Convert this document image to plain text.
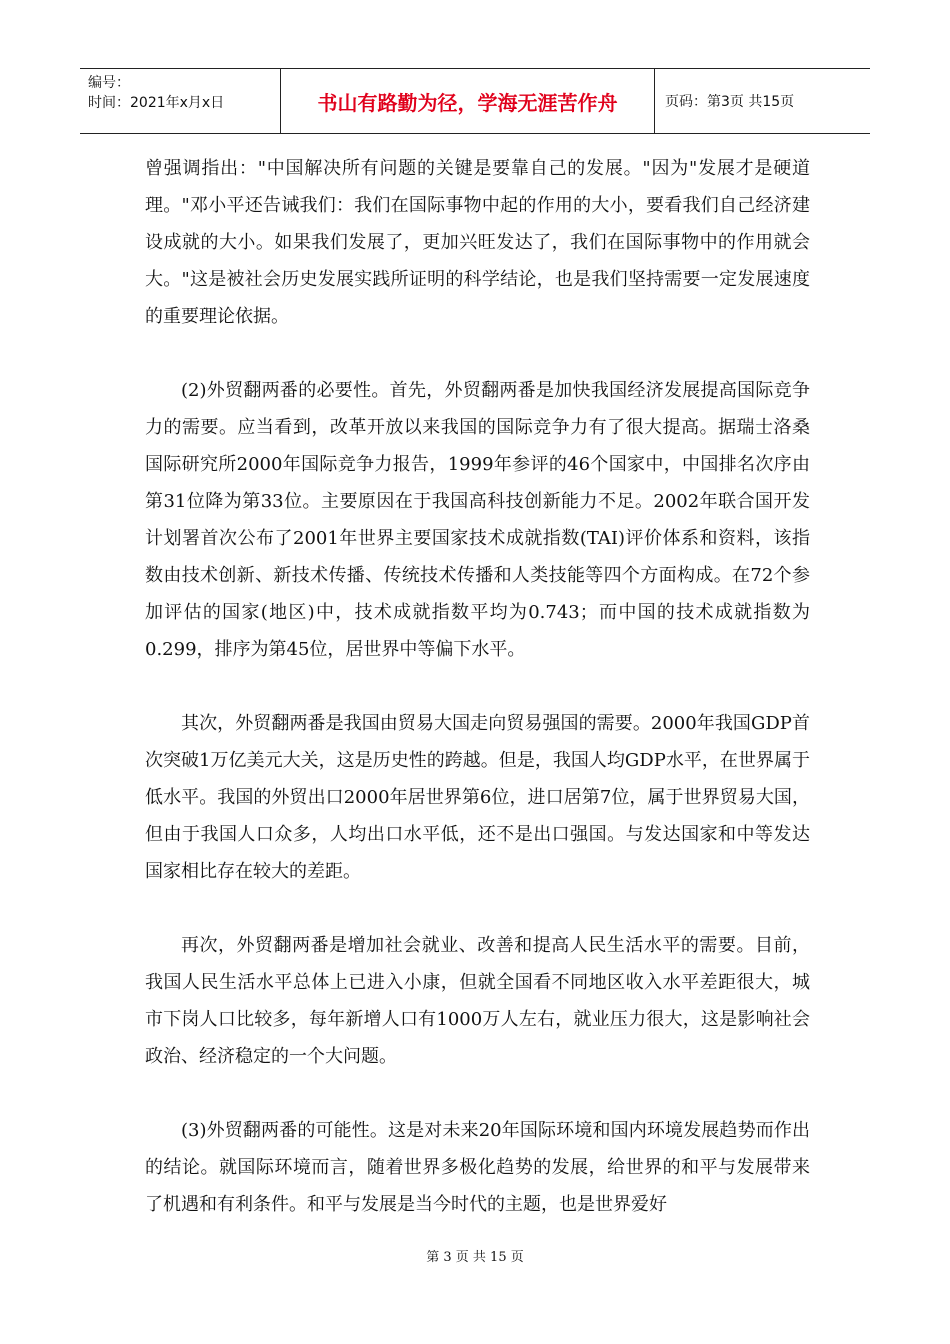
编号：
时间：2021年x月x日	书山有路勤为径，学海无涯苦作舟	页码：第3页 共15页

曾强调指出："中国解决所有问题的关键是要靠自己的发展。"因为"发展才是硬道理。"邓小平还告诫我们：我们在国际事物中起的作用的大小，要看我们自己经济建设成就的大小。如果我们发展了，更加兴旺发达了，我们在国际事物中的作用就会大。"这是被社会历史发展实践所证明的科学结论，也是我们坚持需要一定发展速度的重要理论依据。

(2)外贸翻两番的必要性。首先，外贸翻两番是加快我国经济发展提高国际竞争力的需要。应当看到，改革开放以来我国的国际竞争力有了很大提高。据瑞士洛桑国际研究所2000年国际竞争力报告，1999年参评的46个国家中，中国排名次序由第31位降为第33位。主要原因在于我国高科技创新能力不足。2002年联合国开发计划署首次公布了2001年世界主要国家技术成就指数(TAI)评价体系和资料，该指数由技术创新、新技术传播、传统技术传播和人类技能等四个方面构成。在72个参加评估的国家(地区)中，技术成就指数平均为0.743；而中国的技术成就指数为0.299，排序为第45位，居世界中等偏下水平。

其次，外贸翻两番是我国由贸易大国走向贸易强国的需要。2000年我国GDP首次突破1万亿美元大关，这是历史性的跨越。但是，我国人均GDP水平，在世界属于低水平。我国的外贸出口2000年居世界第6位，进口居第7位，属于世界贸易大国，但由于我国人口众多，人均出口水平低，还不是出口强国。与发达国家和中等发达国家相比存在较大的差距。

再次，外贸翻两番是增加社会就业、改善和提高人民生活水平的需要。目前，我国人民生活水平总体上已进入小康，但就全国看不同地区收入水平差距很大，城市下岗人口比较多，每年新增人口有1000万人左右，就业压力很大，这是影响社会政治、经济稳定的一个大问题。

(3)外贸翻两番的可能性。这是对未来20年国际环境和国内环境发展趋势而作出的结论。就国际环境而言，随着世界多极化趋势的发展，给世界的和平与发展带来了机遇和有利条件。和平与发展是当今时代的主题，也是世界爱好

第 3 页 共 15 页
